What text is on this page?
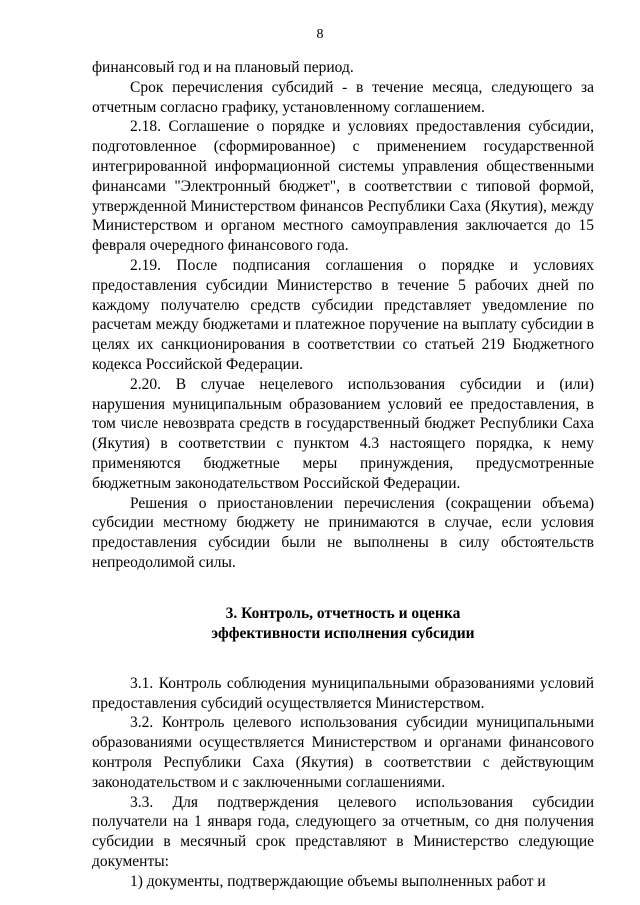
8

финансовый год и на плановый период.

Срок перечисления субсидий - в течение месяца, следующего за отчетным согласно графику, установленному соглашением.

2.18. Соглашение о порядке и условиях предоставления субсидии, подготовленное (сформированное) с применением государственной интегрированной информационной системы управления общественными финансами "Электронный бюджет", в соответствии с типовой формой, утвержденной Министерством финансов Республики Саха (Якутия), между Министерством и органом местного самоуправления заключается до 15 февраля очередного финансового года.

2.19. После подписания соглашения о порядке и условиях предоставления субсидии Министерство в течение 5 рабочих дней по каждому получателю средств субсидии представляет уведомление по расчетам между бюджетами и платежное поручение на выплату субсидии в целях их санкционирования в соответствии со статьей 219 Бюджетного кодекса Российской Федерации.

2.20. В случае нецелевого использования субсидии и (или) нарушения муниципальным образованием условий ее предоставления, в том числе невозврата средств в государственный бюджет Республики Саха (Якутия) в соответствии с пунктом 4.3 настоящего порядка, к нему применяются бюджетные меры принуждения, предусмотренные бюджетным законодательством Российской Федерации.

Решения о приостановлении перечисления (сокращении объема) субсидии местному бюджету не принимаются в случае, если условия предоставления субсидии были не выполнены в силу обстоятельств непреодолимой силы.

3. Контроль, отчетность и оценка
эффективности исполнения субсидии

3.1. Контроль соблюдения муниципальными образованиями условий предоставления субсидий осуществляется Министерством.

3.2. Контроль целевого использования субсидии муниципальными образованиями осуществляется Министерством и органами финансового контроля Республики Саха (Якутия) в соответствии с действующим законодательством и с заключенными соглашениями.

3.3. Для подтверждения целевого использования субсидии получатели на 1 января года, следующего за отчетным, со дня получения субсидии в месячный срок представляют в Министерство следующие документы:

1) документы, подтверждающие объемы выполненных работ и
